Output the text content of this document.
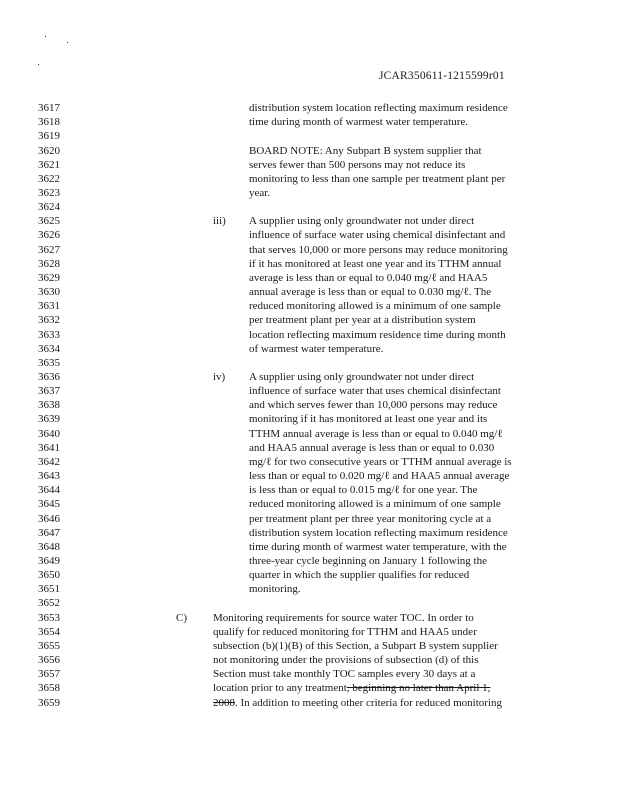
JCAR350611-1215599r01
3617
3618
3619
3620
3621
3622
3623
3624
3625
3626
3627
3628
3629
3630
3631
3632
3633
3634
3635
3636
3637
3638
3639
3640
3641
3642
3643
3644
3645
3646
3647
3648
3649
3650
3651
3652
3653
3654
3655
3656
3657
3658
3659
distribution system location reflecting maximum residence
time during month of warmest water temperature.
BOARD NOTE: Any Subpart B system supplier that
serves fewer than 500 persons may not reduce its
monitoring to less than one sample per treatment plant per
year.
iii) A supplier using only groundwater not under direct
influence of surface water using chemical disinfectant and
that serves 10,000 or more persons may reduce monitoring
if it has monitored at least one year and its TTHM annual
average is less than or equal to 0.040 mg/ℓ and HAA5
annual average is less than or equal to 0.030 mg/ℓ. The
reduced monitoring allowed is a minimum of one sample
per treatment plant per year at a distribution system
location reflecting maximum residence time during month
of warmest water temperature.
iv) A supplier using only groundwater not under direct
influence of surface water that uses chemical disinfectant
and which serves fewer than 10,000 persons may reduce
monitoring if it has monitored at least one year and its
TTHM annual average is less than or equal to 0.040 mg/ℓ
and HAA5 annual average is less than or equal to 0.030
mg/ℓ for two consecutive years or TTHM annual average is
less than or equal to 0.020 mg/ℓ and HAA5 annual average
is less than or equal to 0.015 mg/ℓ for one year. The
reduced monitoring allowed is a minimum of one sample
per treatment plant per three year monitoring cycle at a
distribution system location reflecting maximum residence
time during month of warmest water temperature, with the
three-year cycle beginning on January 1 following the
quarter in which the supplier qualifies for reduced
monitoring.
C) Monitoring requirements for source water TOC. In order to
qualify for reduced monitoring for TTHM and HAA5 under
subsection (b)(1)(B) of this Section, a Subpart B system supplier
not monitoring under the provisions of subsection (d) of this
Section must take monthly TOC samples every 30 days at a
location prior to any treatment, beginning no later than April 1,
2008. In addition to meeting other criteria for reduced monitoring
